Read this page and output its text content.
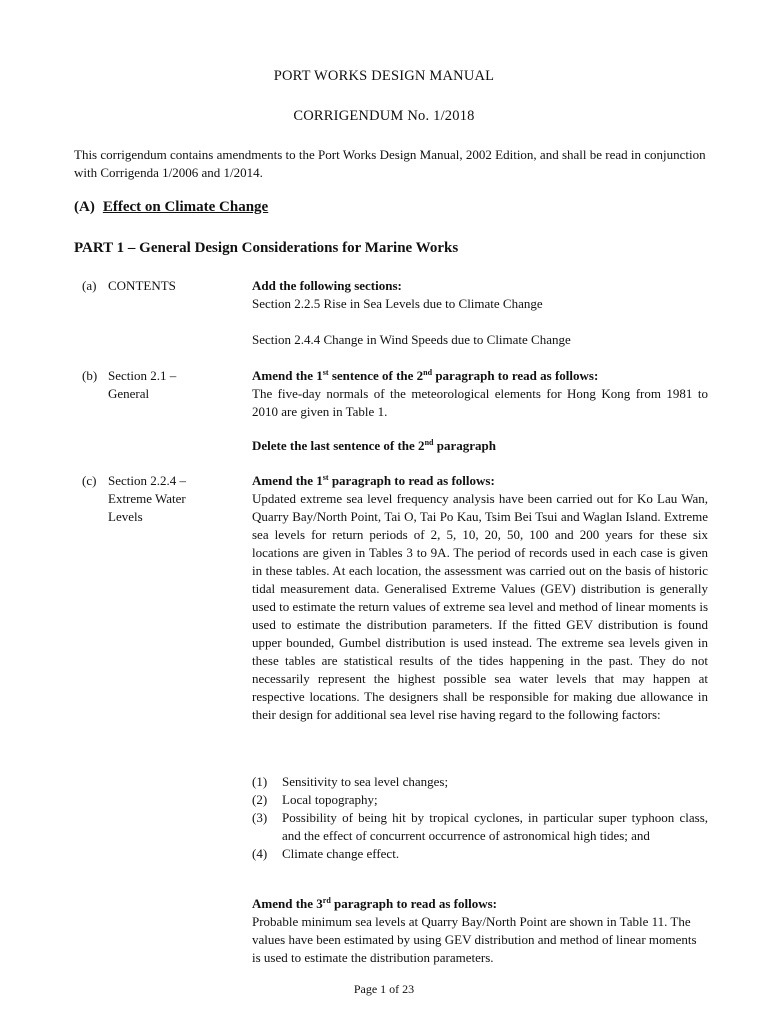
PORT WORKS DESIGN MANUAL
CORRIGENDUM No. 1/2018

This corrigendum contains amendments to the Port Works Design Manual, 2002 Edition, and shall be read in conjunction with Corrigenda 1/2006 and 1/2014.

(A) Effect on Climate Change
PART 1 – General Design Considerations for Marine Works
(a) CONTENTS	Add the following sections:
Section 2.2.5 Rise in Sea Levels due to Climate Change
Section 2.4.4 Change in Wind Speeds due to Climate Change
(b) Section 2.1 –
General
Amend the 1st sentence of the 2nd paragraph to read as follows:
The five-day normals of the meteorological elements for Hong Kong from 1981 to 2010 are given in Table 1.
Delete the last sentence of the 2nd paragraph
(c) Section 2.2.4 –
Extreme Water
Levels
Amend the 1st paragraph to read as follows:

Updated extreme sea level frequency analysis have been carried out for Ko Lau Wan, Quarry Bay/North Point, Tai O, Tai Po Kau, Tsim Bei Tsui and Waglan Island. Extreme sea levels for return periods of 2, 5, 10, 20, 50, 100 and 200 years for these six locations are given in Tables 3 to 9A. The period of records used in each case is given in these tables. At each location, the assessment was carried out on the basis of historic tidal measurement data. Generalised Extreme Values (GEV) distribution is generally used to estimate the return values of extreme sea level and method of linear moments is used to estimate the distribution parameters. If the fitted GEV distribution is found upper bounded, Gumbel distribution is used instead. The extreme sea levels given in these tables are statistical results of the tides happening in the past. They do not necessarily represent the highest possible sea water levels that may happen at respective locations. The designers shall be responsible for making due allowance in their design for additional sea level rise having regard to the following factors:

(1) Sensitivity to sea level changes;
(2) Local topography;
(3) Possibility of being hit by tropical cyclones, in particular super typhoon class, and the effect of concurrent occurrence of astronomical high tides; and
(4) Climate change effect.
Amend the 3rd paragraph to read as follows:

Probable minimum sea levels at Quarry Bay/North Point are shown in Table 11. The values have been estimated by using GEV distribution and method of linear moments is used to estimate the distribution parameters.

Page 1 of 23
